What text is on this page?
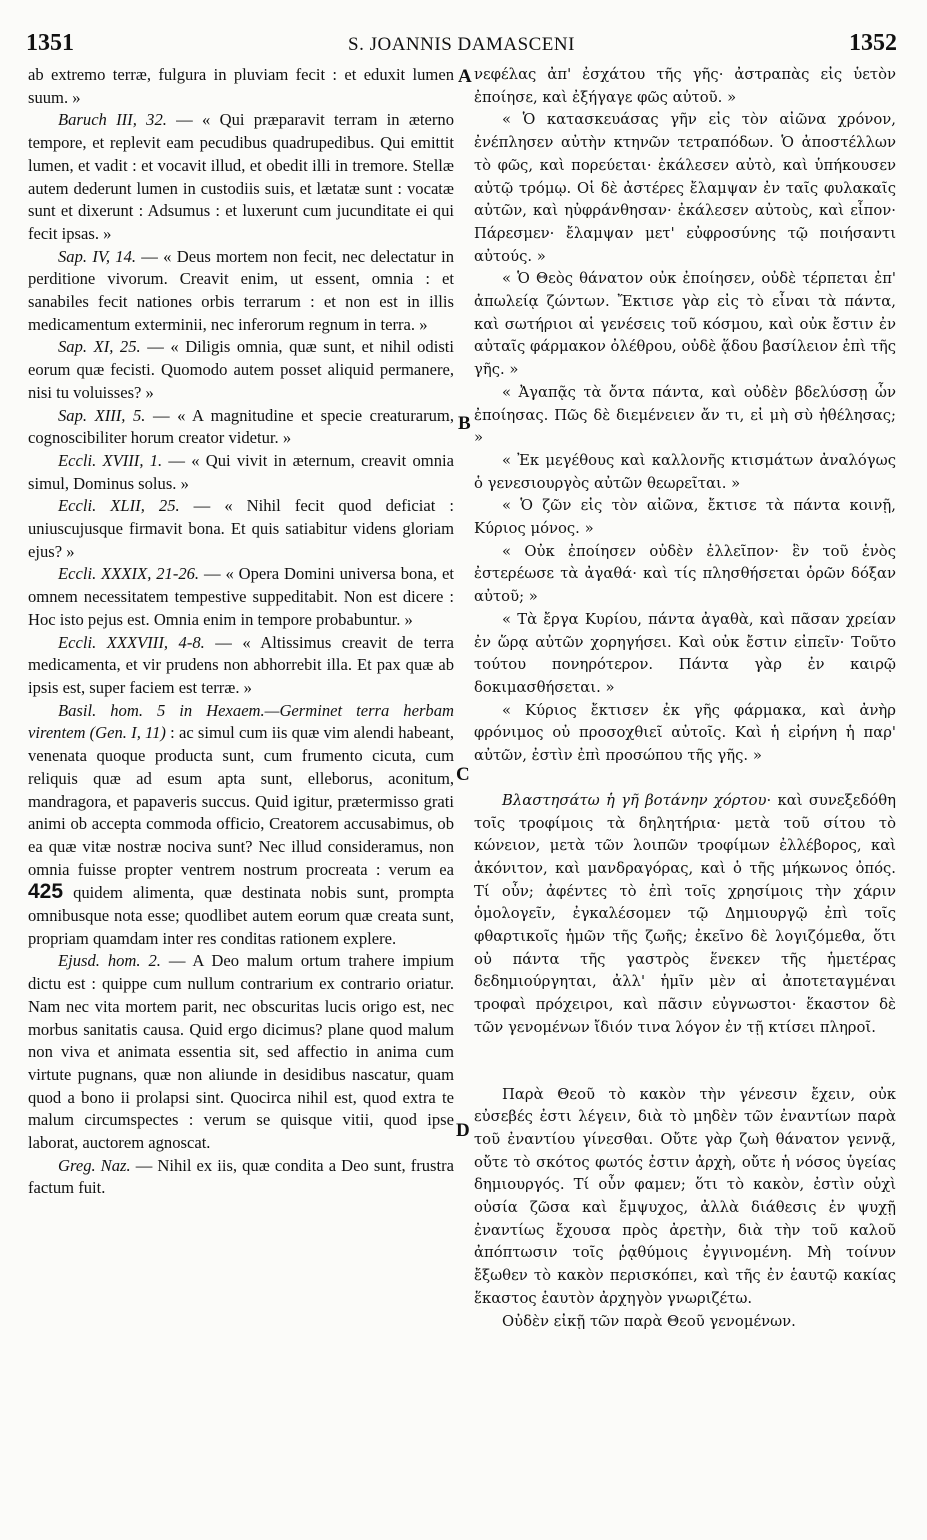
1351	S. JOANNIS DAMASCENI	1352
A
B
C
D

ab extremo terræ, fulgura in pluviam fecit : et eduxit lumen suum. »

Baruch III, 32. — « Qui præparavit terram in æterno tempore, et replevit eam pecudibus quadrupedibus. Qui emittit lumen, et vadit : et vocavit illud, et obedit illi in tremore. Stellæ autem dederunt lumen in custodiis suis, et lætatæ sunt : vocatæ sunt et dixerunt : Adsumus : et luxerunt cum jucunditate ei qui fecit ipsas. »

Sap. IV, 14. — « Deus mortem non fecit, nec delectatur in perditione vivorum. Creavit enim, ut essent, omnia : et sanabiles fecit nationes orbis terrarum : et non est in illis medicamentum exterminii, nec inferorum regnum in terra. »

Sap. XI, 25. — « Diligis omnia, quæ sunt, et nihil odisti eorum quæ fecisti. Quomodo autem posset aliquid permanere, nisi tu voluisses? »

Sap. XIII, 5. — « A magnitudine et specie creaturarum, cognoscibiliter horum creator videtur. »

Eccli. XVIII, 1. — « Qui vivit in æternum, creavit omnia simul, Dominus solus. »

Eccli. XLII, 25. — « Nihil fecit quod deficiat : uniuscujusque firmavit bona. Et quis satiabitur videns gloriam ejus? »

Eccli. XXXIX, 21-26. — « Opera Domini universa bona, et omnem necessitatem tempestive suppeditabit. Non est dicere : Hoc isto pejus est. Omnia enim in tempore probabuntur. »

Eccli. XXXVIII, 4-8. — « Altissimus creavit de terra medicamenta, et vir prudens non abhorrebit illa. Et pax quæ ab ipsis est, super faciem est terræ. »

Basil. hom. 5 in Hexaem.—Germinet terra herbam virentem (Gen. I, 11) : ac simul cum iis quæ vim alendi habeant, venenata quoque producta sunt, cum frumento cicuta, cum reliquis quæ ad esum apta sunt, elleborus, aconitum, mandragora, et papaveris succus. Quid igitur, prætermisso grati animi ob accepta commoda officio, Creatorem accusabimus, ob ea quæ vitæ nostræ nociva sunt? Nec illud consideramus, non omnia fuisse propter ventrem nostrum procreata : verum ea 425 quidem alimenta, quæ destinata nobis sunt, prompta omnibusque nota esse; quodlibet autem eorum quæ creata sunt, propriam quamdam inter res conditas rationem explere.

Ejusd. hom. 2. — A Deo malum ortum trahere impium dictu est : quippe cum nullum contrarium ex contrario oriatur. Nam nec vita mortem parit, nec obscuritas lucis origo est, nec morbus sanitatis causa. Quid ergo dicimus? plane quod malum non viva et animata essentia sit, sed affectio in anima cum virtute pugnans, quæ non aliunde in desidibus nascatur, quam quod a bono ii prolapsi sint. Quocirca nihil est, quod extra te malum circumspectes : verum se quisque vitii, quod ipse laborat, auctorem agnoscat.

Greg. Naz. — Nihil ex iis, quæ condita a Deo sunt, frustra factum fuit.

νεφέλας ἀπ' ἐσχάτου τῆς γῆς· ἀστραπὰς εἰς ὑετὸν ἐποίησε, καὶ ἐξήγαγε φῶς αὐτοῦ. »

« Ὁ κατασκευάσας γῆν εἰς τὸν αἰῶνα χρόνον, ἐνέπλησεν αὐτὴν κτηνῶν τετραπόδων. Ὁ ἀποστέλλων τὸ φῶς, καὶ πορεύεται· ἐκάλεσεν αὐτὸ, καὶ ὑπήκουσεν αὐτῷ τρόμῳ. Οἱ δὲ ἀστέρες ἔλαμψαν ἐν ταῖς φυλακαῖς αὐτῶν, καὶ ηὐφράνθησαν· ἐκάλεσεν αὐτοὺς, καὶ εἶπον· Πάρεσμεν· ἔλαμψαν μετ' εὐφροσύνης τῷ ποιήσαντι αὐτούς. »

« Ὁ Θεὸς θάνατον οὐκ ἐποίησεν, οὐδὲ τέρπεται ἐπ' ἀπωλείᾳ ζώντων. Ἔκτισε γὰρ εἰς τὸ εἶναι τὰ πάντα, καὶ σωτήριοι αἱ γενέσεις τοῦ κόσμου, καὶ οὐκ ἔστιν ἐν αὐταῖς φάρμακον ὀλέθρου, οὐδὲ ᾅδου βασίλειον ἐπὶ τῆς γῆς. »

« Ἀγαπᾷς τὰ ὄντα πάντα, καὶ οὐδὲν βδελύσσῃ ὧν ἐποίησας. Πῶς δὲ διεμένειεν ἄν τι, εἰ μὴ σὺ ἠθέλησας; »

« Ἐκ μεγέθους καὶ καλλονῆς κτισμάτων ἀναλόγως ὁ γενεσιουργὸς αὐτῶν θεωρεῖται. »

« Ὁ ζῶν εἰς τὸν αἰῶνα, ἔκτισε τὰ πάντα κοινῇ, Κύριος μόνος. »

« Οὐκ ἐποίησεν οὐδὲν ἐλλεῖπον· ἓν τοῦ ἑνὸς ἐστερέωσε τὰ ἀγαθά· καὶ τίς πλησθήσεται ὁρῶν δόξαν αὐτοῦ; »

« Τὰ ἔργα Κυρίου, πάντα ἀγαθὰ, καὶ πᾶσαν χρείαν ἐν ὥρᾳ αὐτῶν χορηγήσει. Καὶ οὐκ ἔστιν εἰπεῖν· Τοῦτο τούτου πονηρότερον. Πάντα γὰρ ἐν καιρῷ δοκιμασθήσεται. »

« Κύριος ἔκτισεν ἐκ γῆς φάρμακα, καὶ ἀνὴρ φρόνιμος οὐ προσοχθιεῖ αὐτοῖς. Καὶ ἡ εἰρήνη ἡ παρ' αὐτῶν, ἐστὶν ἐπὶ προσώπου τῆς γῆς. »

Βλαστησάτω ἡ γῆ βοτάνην χόρτου· καὶ συνεξεδόθη τοῖς τροφίμοις τὰ δηλητήρια· μετὰ τοῦ σίτου τὸ κώνειον, μετὰ τῶν λοιπῶν τροφίμων ἐλλέβορος, καὶ ἀκόνιτον, καὶ μανδραγόρας, καὶ ὁ τῆς μήκωνος ὀπός. Τί οὖν; ἀφέντες τὸ ἐπὶ τοῖς χρησίμοις τὴν χάριν ὁμολογεῖν, ἐγκαλέσομεν τῷ Δημιουργῷ ἐπὶ τοῖς φθαρτικοῖς ἡμῶν τῆς ζωῆς; ἐκεῖνο δὲ λογιζόμεθα, ὅτι οὐ πάντα τῆς γαστρὸς ἕνεκεν τῆς ἡμετέρας δεδημιούργηται, ἀλλ' ἡμῖν μὲν αἱ ἀποτεταγμέναι τροφαὶ πρόχειροι, καὶ πᾶσιν εὐγνωστοι· ἕκαστον δὲ τῶν γενομένων ἴδιόν τινα λόγον ἐν τῇ κτίσει πληροῖ.

Παρὰ Θεοῦ τὸ κακὸν τὴν γένεσιν ἔχειν, οὐκ εὐσεβές ἐστι λέγειν, διὰ τὸ μηδὲν τῶν ἐναντίων παρὰ τοῦ ἐναντίου γίνεσθαι. Οὔτε γὰρ ζωὴ θάνατον γεννᾷ, οὔτε τὸ σκότος φωτός ἐστιν ἀρχὴ, οὔτε ἡ νόσος ὑγείας δημιουργός. Τί οὖν φαμεν; ὅτι τὸ κακὸν, ἐστὶν οὐχὶ οὐσία ζῶσα καὶ ἔμψυχος, ἀλλὰ διάθεσις ἐν ψυχῇ ἐναντίως ἔχουσα πρὸς ἀρετὴν, διὰ τὴν τοῦ καλοῦ ἀπόπτωσιν τοῖς ῥᾳθύμοις ἐγγινομένη. Μὴ τοίνυν ἔξωθεν τὸ κακὸν περισκόπει, καὶ τῆς ἐν ἑαυτῷ κακίας ἕκαστος ἑαυτὸν ἀρχηγὸν γνωριζέτω.

Οὐδὲν εἰκῇ τῶν παρὰ Θεοῦ γενομένων.
